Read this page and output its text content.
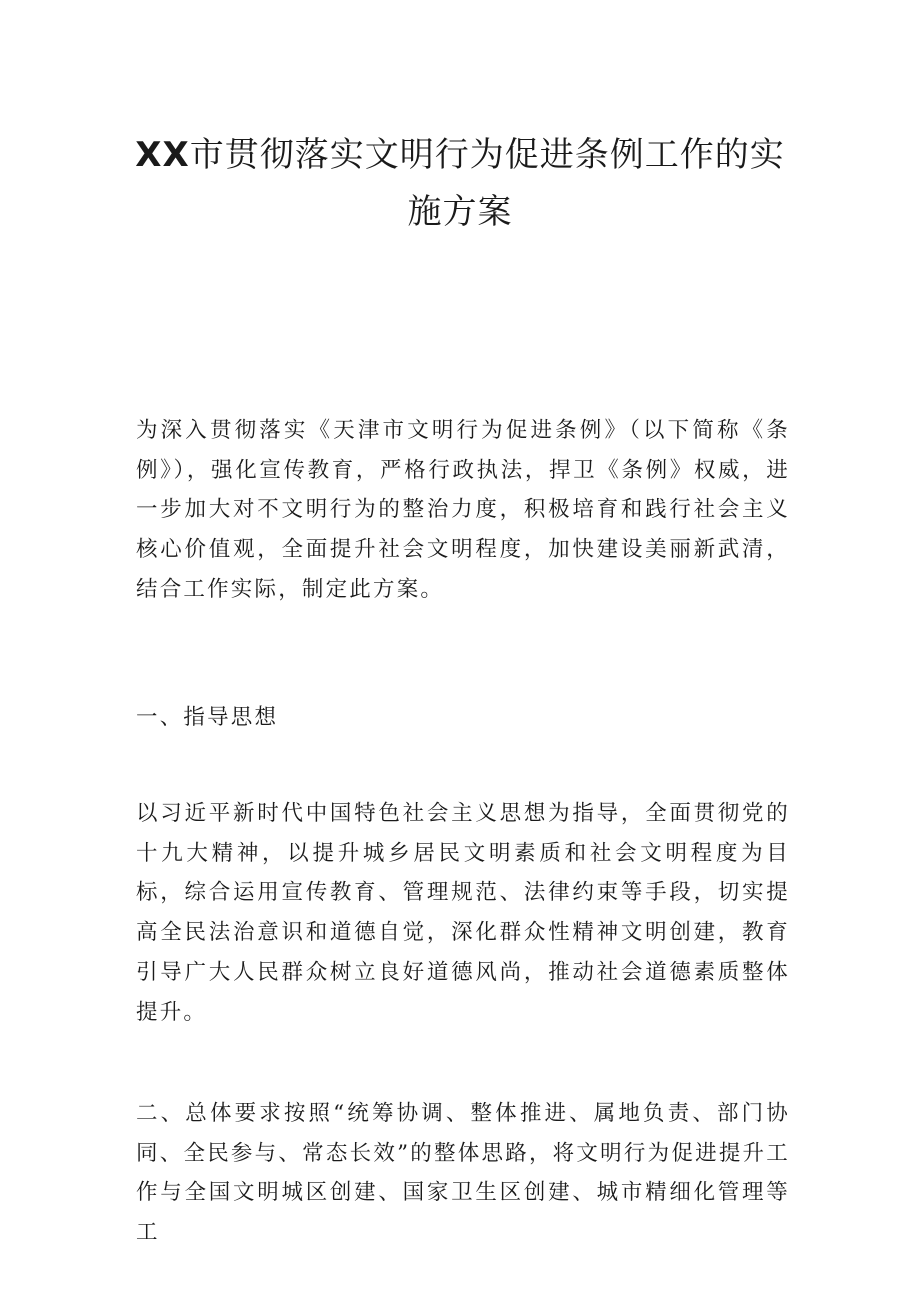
XX市贯彻落实文明行为促进条例工作的实
施方案

为深入贯彻落实《天津市文明行为促进条例》（以下简称《条例》），强化宣传教育，严格行政执法，捍卫《条例》权威，进一步加大对不文明行为的整治力度，积极培育和践行社会主义核心价值观，全面提升社会文明程度，加快建设美丽新武清，结合工作实际，制定此方案。

一、指导思想

以习近平新时代中国特色社会主义思想为指导，全面贯彻党的十九大精神，以提升城乡居民文明素质和社会文明程度为目标，综合运用宣传教育、管理规范、法律约束等手段，切实提高全民法治意识和道德自觉，深化群众性精神文明创建，教育引导广大人民群众树立良好道德风尚，推动社会道德素质整体提升。

二、总体要求按照“统筹协调、整体推进、属地负责、部门协同、全民参与、常态长效”的整体思路，将文明行为促进提升工作与全国文明城区创建、国家卫生区创建、城市精细化管理等工
